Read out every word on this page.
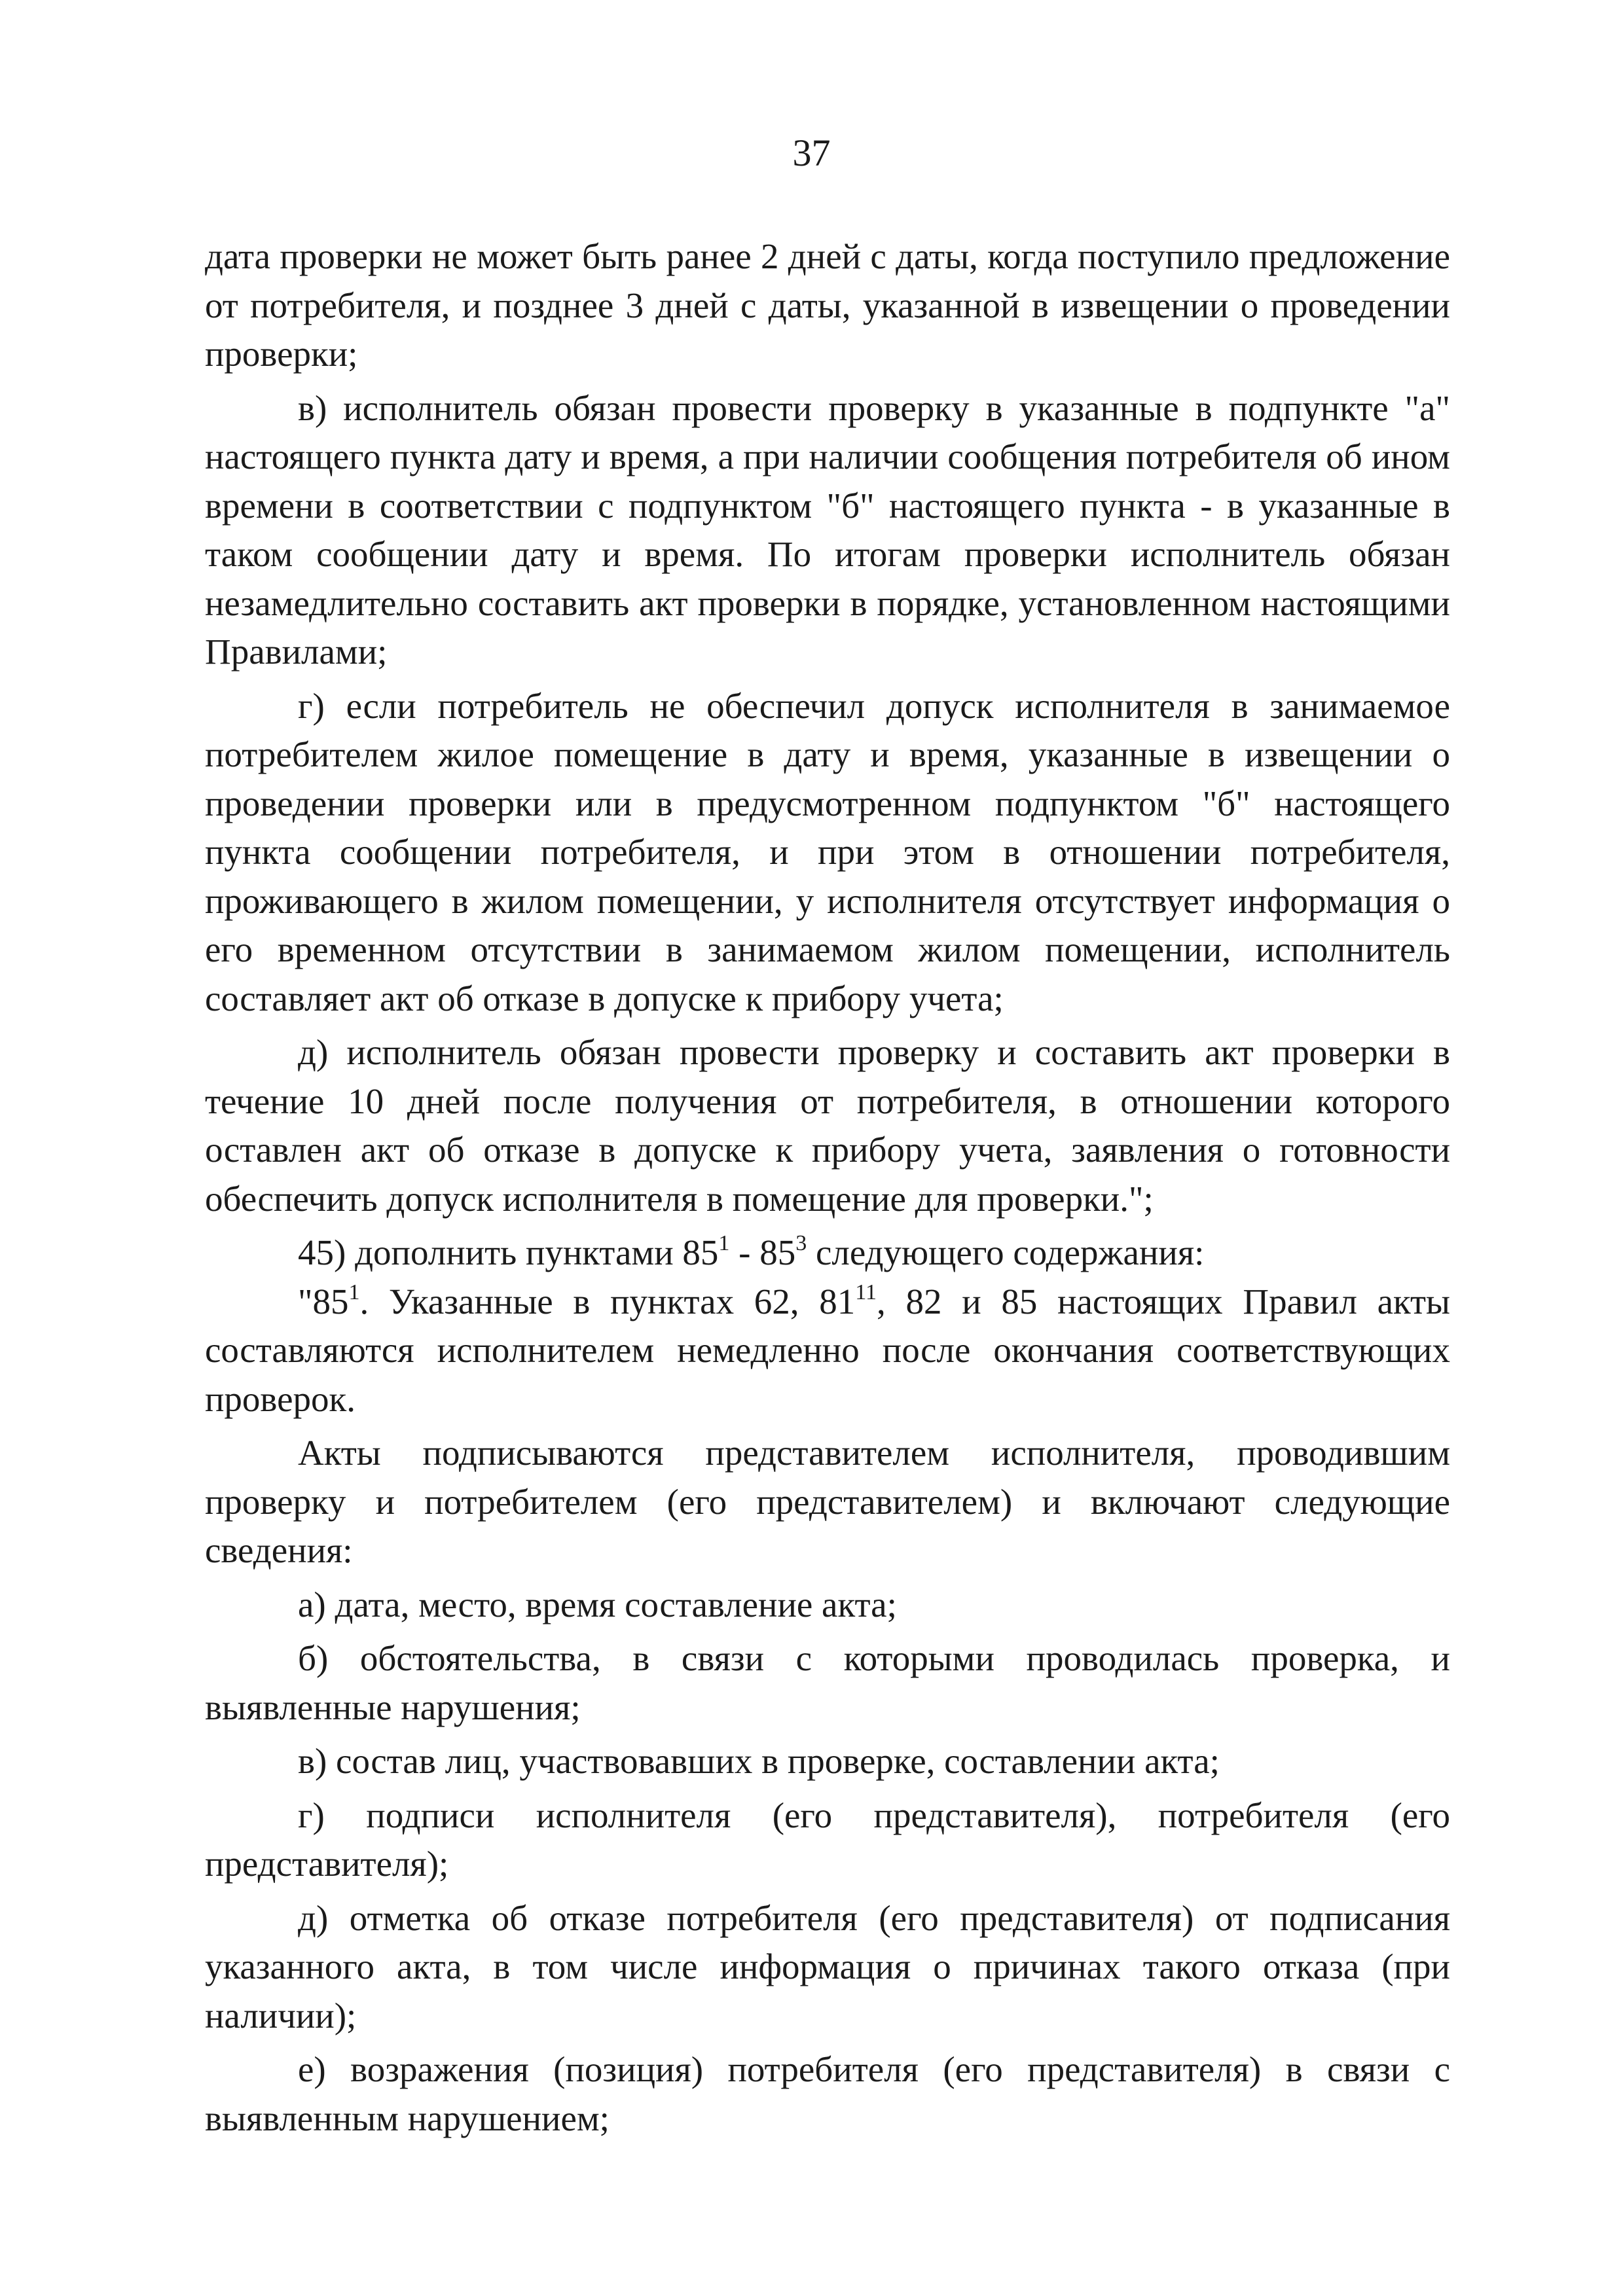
37

дата проверки не может быть ранее 2 дней с даты, когда поступило предложение от потребителя, и позднее 3 дней с даты, указанной в извещении о проведении проверки;

в) исполнитель обязан провести проверку в указанные в подпункте "а" настоящего пункта дату и время, а при наличии сообщения потребителя об ином времени в соответствии с подпунктом "б" настоящего пункта - в указанные в таком сообщении дату и время. По итогам проверки исполнитель обязан незамедлительно составить акт проверки в порядке, установленном настоящими Правилами;

г) если потребитель не обеспечил допуск исполнителя в занимаемое потребителем жилое помещение в дату и время, указанные в извещении о проведении проверки или в предусмотренном подпунктом "б" настоящего пункта сообщении потребителя, и при этом в отношении потребителя, проживающего в жилом помещении, у исполнителя отсутствует информация о его временном отсутствии в занимаемом жилом помещении, исполнитель составляет акт об отказе в допуске к прибору учета;

д) исполнитель обязан провести проверку и составить акт проверки в течение 10 дней после получения от потребителя, в отношении которого оставлен акт об отказе в допуске к прибору учета, заявления о готовности обеспечить допуск исполнителя в помещение для проверки.";

45) дополнить пунктами $85^1 - 85^3$ следующего содержания:

"$85^1$. Указанные в пунктах 62, $81^{11}$, 82 и 85 настоящих Правил акты составляются исполнителем немедленно после окончания соответствующих проверок.

Акты подписываются представителем исполнителя, проводившим проверку и потребителем (его представителем) и включают следующие сведения:

а) дата, место, время составление акта;

б) обстоятельства, в связи с которыми проводилась проверка, и выявленные нарушения;

в) состав лиц, участвовавших в проверке, составлении акта;

г) подписи исполнителя (его представителя), потребителя (его представителя);

д) отметка об отказе потребителя (его представителя) от подписания указанного акта, в том числе информация о причинах такого отказа (при наличии);

е) возражения (позиция) потребителя (его представителя) в связи с выявленным нарушением;
